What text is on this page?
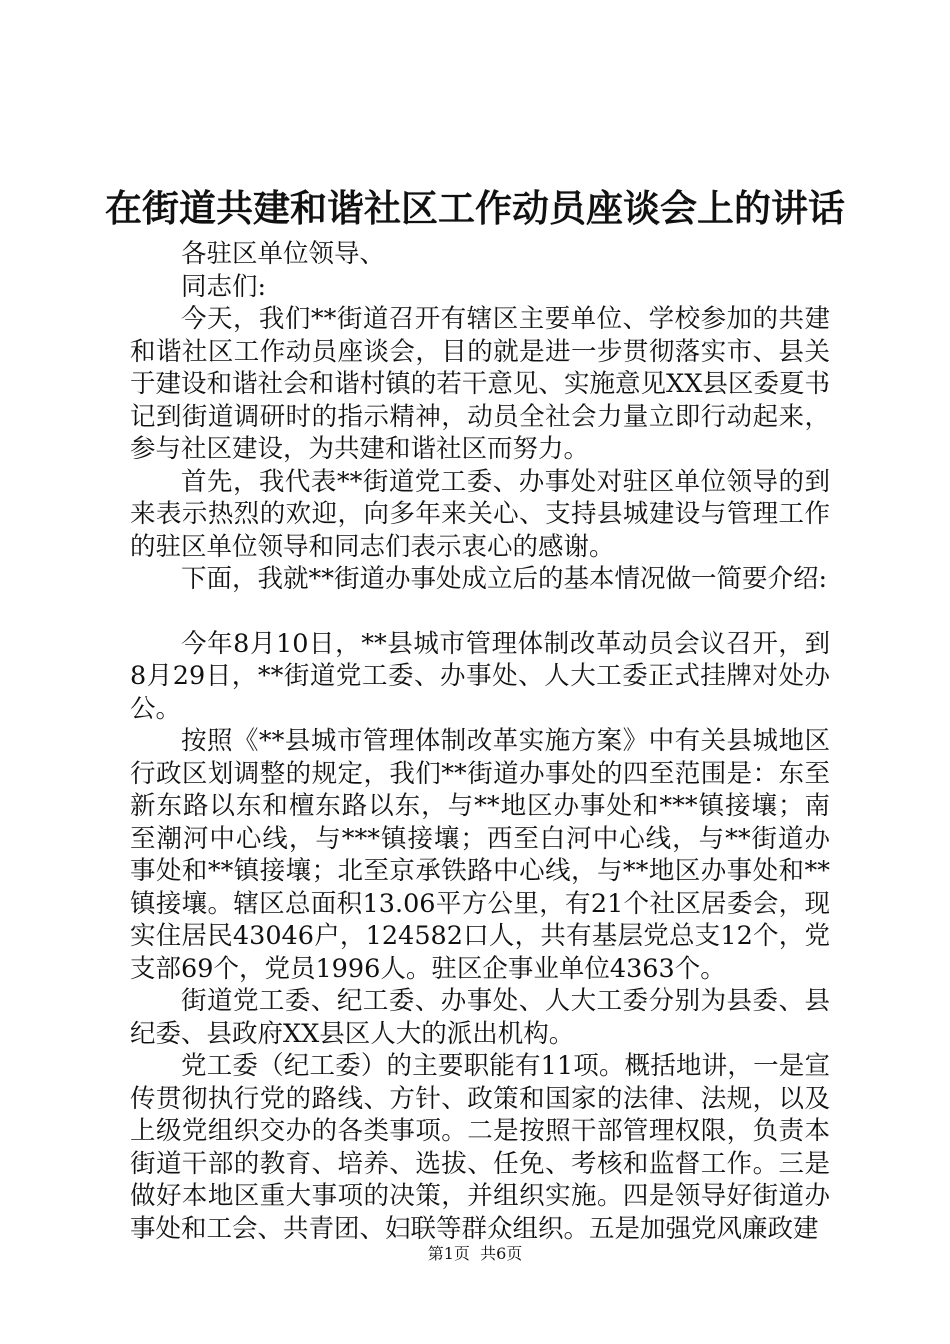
在街道共建和谐社区工作动员座谈会上的讲话

各驻区单位领导、

同志们:

今天，我们**街道召开有辖区主要单位、学校参加的共建和谐社区工作动员座谈会，目的就是进一步贯彻落实市、县关于建设和谐社会和谐村镇的若干意见、实施意见XX县区委夏书记到街道调研时的指示精神，动员全社会力量立即行动起来，参与社区建设，为共建和谐社区而努力。

首先，我代表**街道党工委、办事处对驻区单位领导的到来表示热烈的欢迎，向多年来关心、支持县城建设与管理工作的驻区单位领导和同志们表示衷心的感谢。

下面，我就**街道办事处成立后的基本情况做一简要介绍:

今年8月10日，**县城市管理体制改革动员会议召开，到8月29日，**街道党工委、办事处、人大工委正式挂牌对处办公。

按照《**县城市管理体制改革实施方案》中有关县城地区行政区划调整的规定，我们**街道办事处的四至范围是：东至新东路以东和檀东路以东，与**地区办事处和***镇接壤；南至潮河中心线，与***镇接壤；西至白河中心线，与**街道办事处和**镇接壤；北至京承铁路中心线，与**地区办事处和**镇接壤。辖区总面积13.06平方公里，有21个社区居委会，现实住居民43046户，124582口人，共有基层党总支12个，党支部69个，党员1996人。驻区企事业单位4363个。

街道党工委、纪工委、办事处、人大工委分别为县委、县纪委、县政府XX县区人大的派出机构。

党工委（纪工委）的主要职能有11项。概括地讲，一是宣传贯彻执行党的路线、方针、政策和国家的法律、法规，以及上级党组织交办的各类事项。二是按照干部管理权限，负责本街道干部的教育、培养、选拔、任免、考核和监督工作。三是做好本地区重大事项的决策，并组织实施。四是领导好街道办事处和工会、共青团、妇联等群众组织。五是加强党风廉政建

第1页  共6页
